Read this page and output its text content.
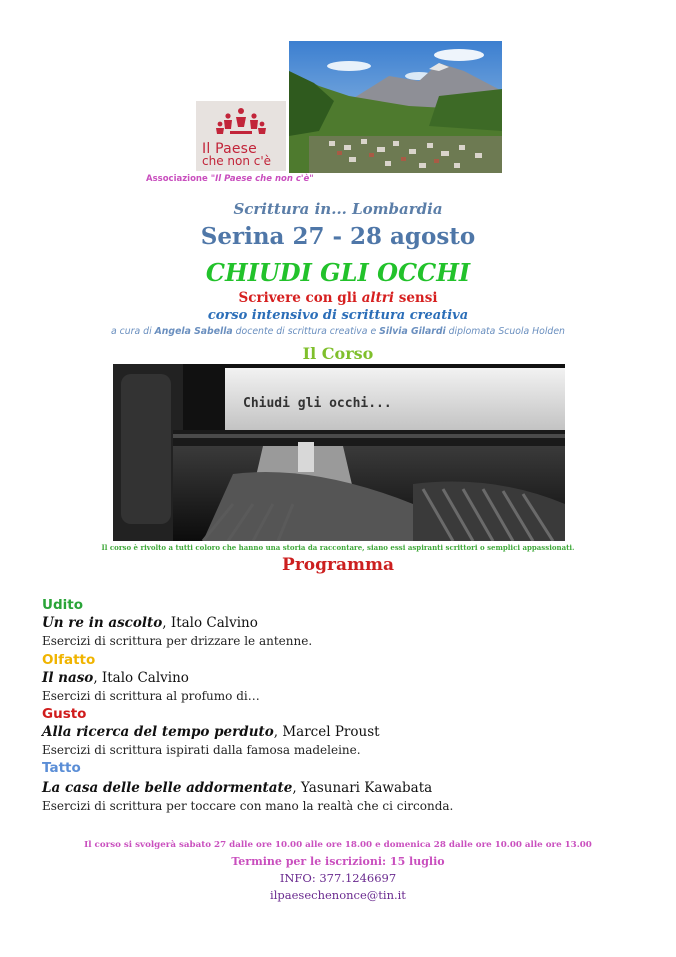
Il Paese
che non c'è
Associazione "Il Paese che non c'è"
Scrittura in... Lombardia
Serina 27 - 28 agosto
CHIUDI GLI OCCHI
Scrivere con gli altri sensi
corso intensivo di scrittura creativa
a cura di Angela Sabella docente di scrittura creativa e Silvia Gilardi diplomata Scuola Holden
Il Corso
Chiudi gli occhi...
Il corso è rivolto a tutti coloro che hanno una storia da raccontare, siano essi aspiranti scrittori o semplici appassionati.
Programma
Udito
Un re in ascolto, Italo Calvino
Esercizi di scrittura per drizzare le antenne.
Olfatto
Il naso, Italo Calvino
Esercizi di scrittura al profumo di…
Gusto
Alla ricerca del tempo perduto, Marcel Proust
Esercizi di scrittura ispirati dalla famosa madeleine.
Tatto
La casa delle belle addormentate, Yasunari Kawabata
Esercizi di scrittura per toccare con mano la realtà che ci circonda.
Il corso si svolgerà sabato 27 dalle ore 10.00 alle ore 18.00 e domenica 28 dalle ore 10.00 alle ore 13.00
Termine per le iscrizioni: 15 luglio
INFO: 377.1246697
ilpaesechenonce@tin.it
